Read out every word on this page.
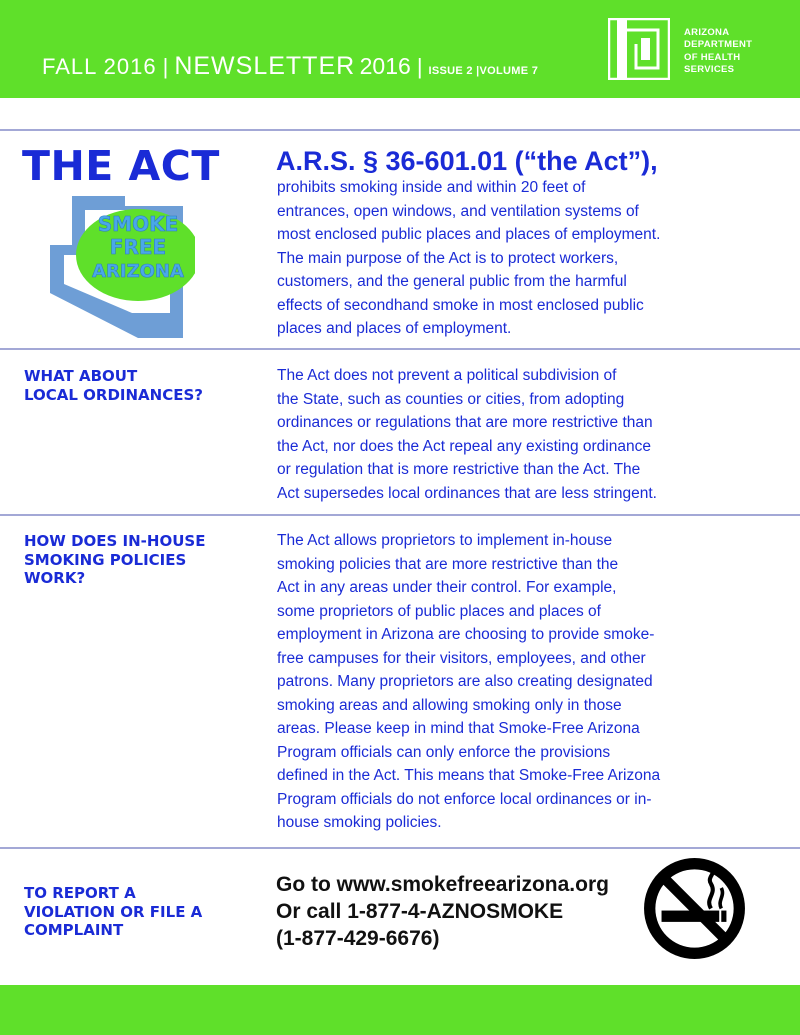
FALL 2016 | NEWSLETTER 2016 | ISSUE 2 |VOLUME 7
ARIZONA
DEPARTMENT
OF HEALTH
SERVICES
THE ACT
SMOKE
FREE
ARIZONA
A.R.S. § 36-601.01 (“the Act”),
prohibits smoking inside and within 20 feet of
entrances, open windows, and ventilation systems of
most enclosed public places and places of employment.
The main purpose of the Act is to protect workers,
customers, and the general public from the harmful
effects of secondhand smoke in most enclosed public
places and places of employment.
WHAT ABOUT
LOCAL ORDINANCES?
The Act does not prevent a political subdivision of
the State, such as counties or cities, from adopting
ordinances or regulations that are more restrictive than
the Act, nor does the Act repeal any existing ordinance
or regulation that is more restrictive than the Act. The
Act supersedes local ordinances that are less stringent.
HOW DOES IN-HOUSE
SMOKING POLICIES
WORK?
The Act allows proprietors to implement in-house
smoking policies that are more restrictive than the
Act in any areas under their control. For example,
some proprietors of public places and places of
employment in Arizona are choosing to provide smoke-
free campuses for their visitors, employees, and other
patrons. Many proprietors are also creating designated
smoking areas and allowing smoking only in those
areas. Please keep in mind that Smoke-Free Arizona
Program officials can only enforce the provisions
defined in the Act. This means that Smoke-Free Arizona
Program officials do not enforce local ordinances or in-
house smoking policies.
TO REPORT A
VIOLATION OR FILE A
COMPLAINT
Go to www.smokefreearizona.org
Or call 1-877-4-AZNOSMOKE
(1-877-429-6676)
